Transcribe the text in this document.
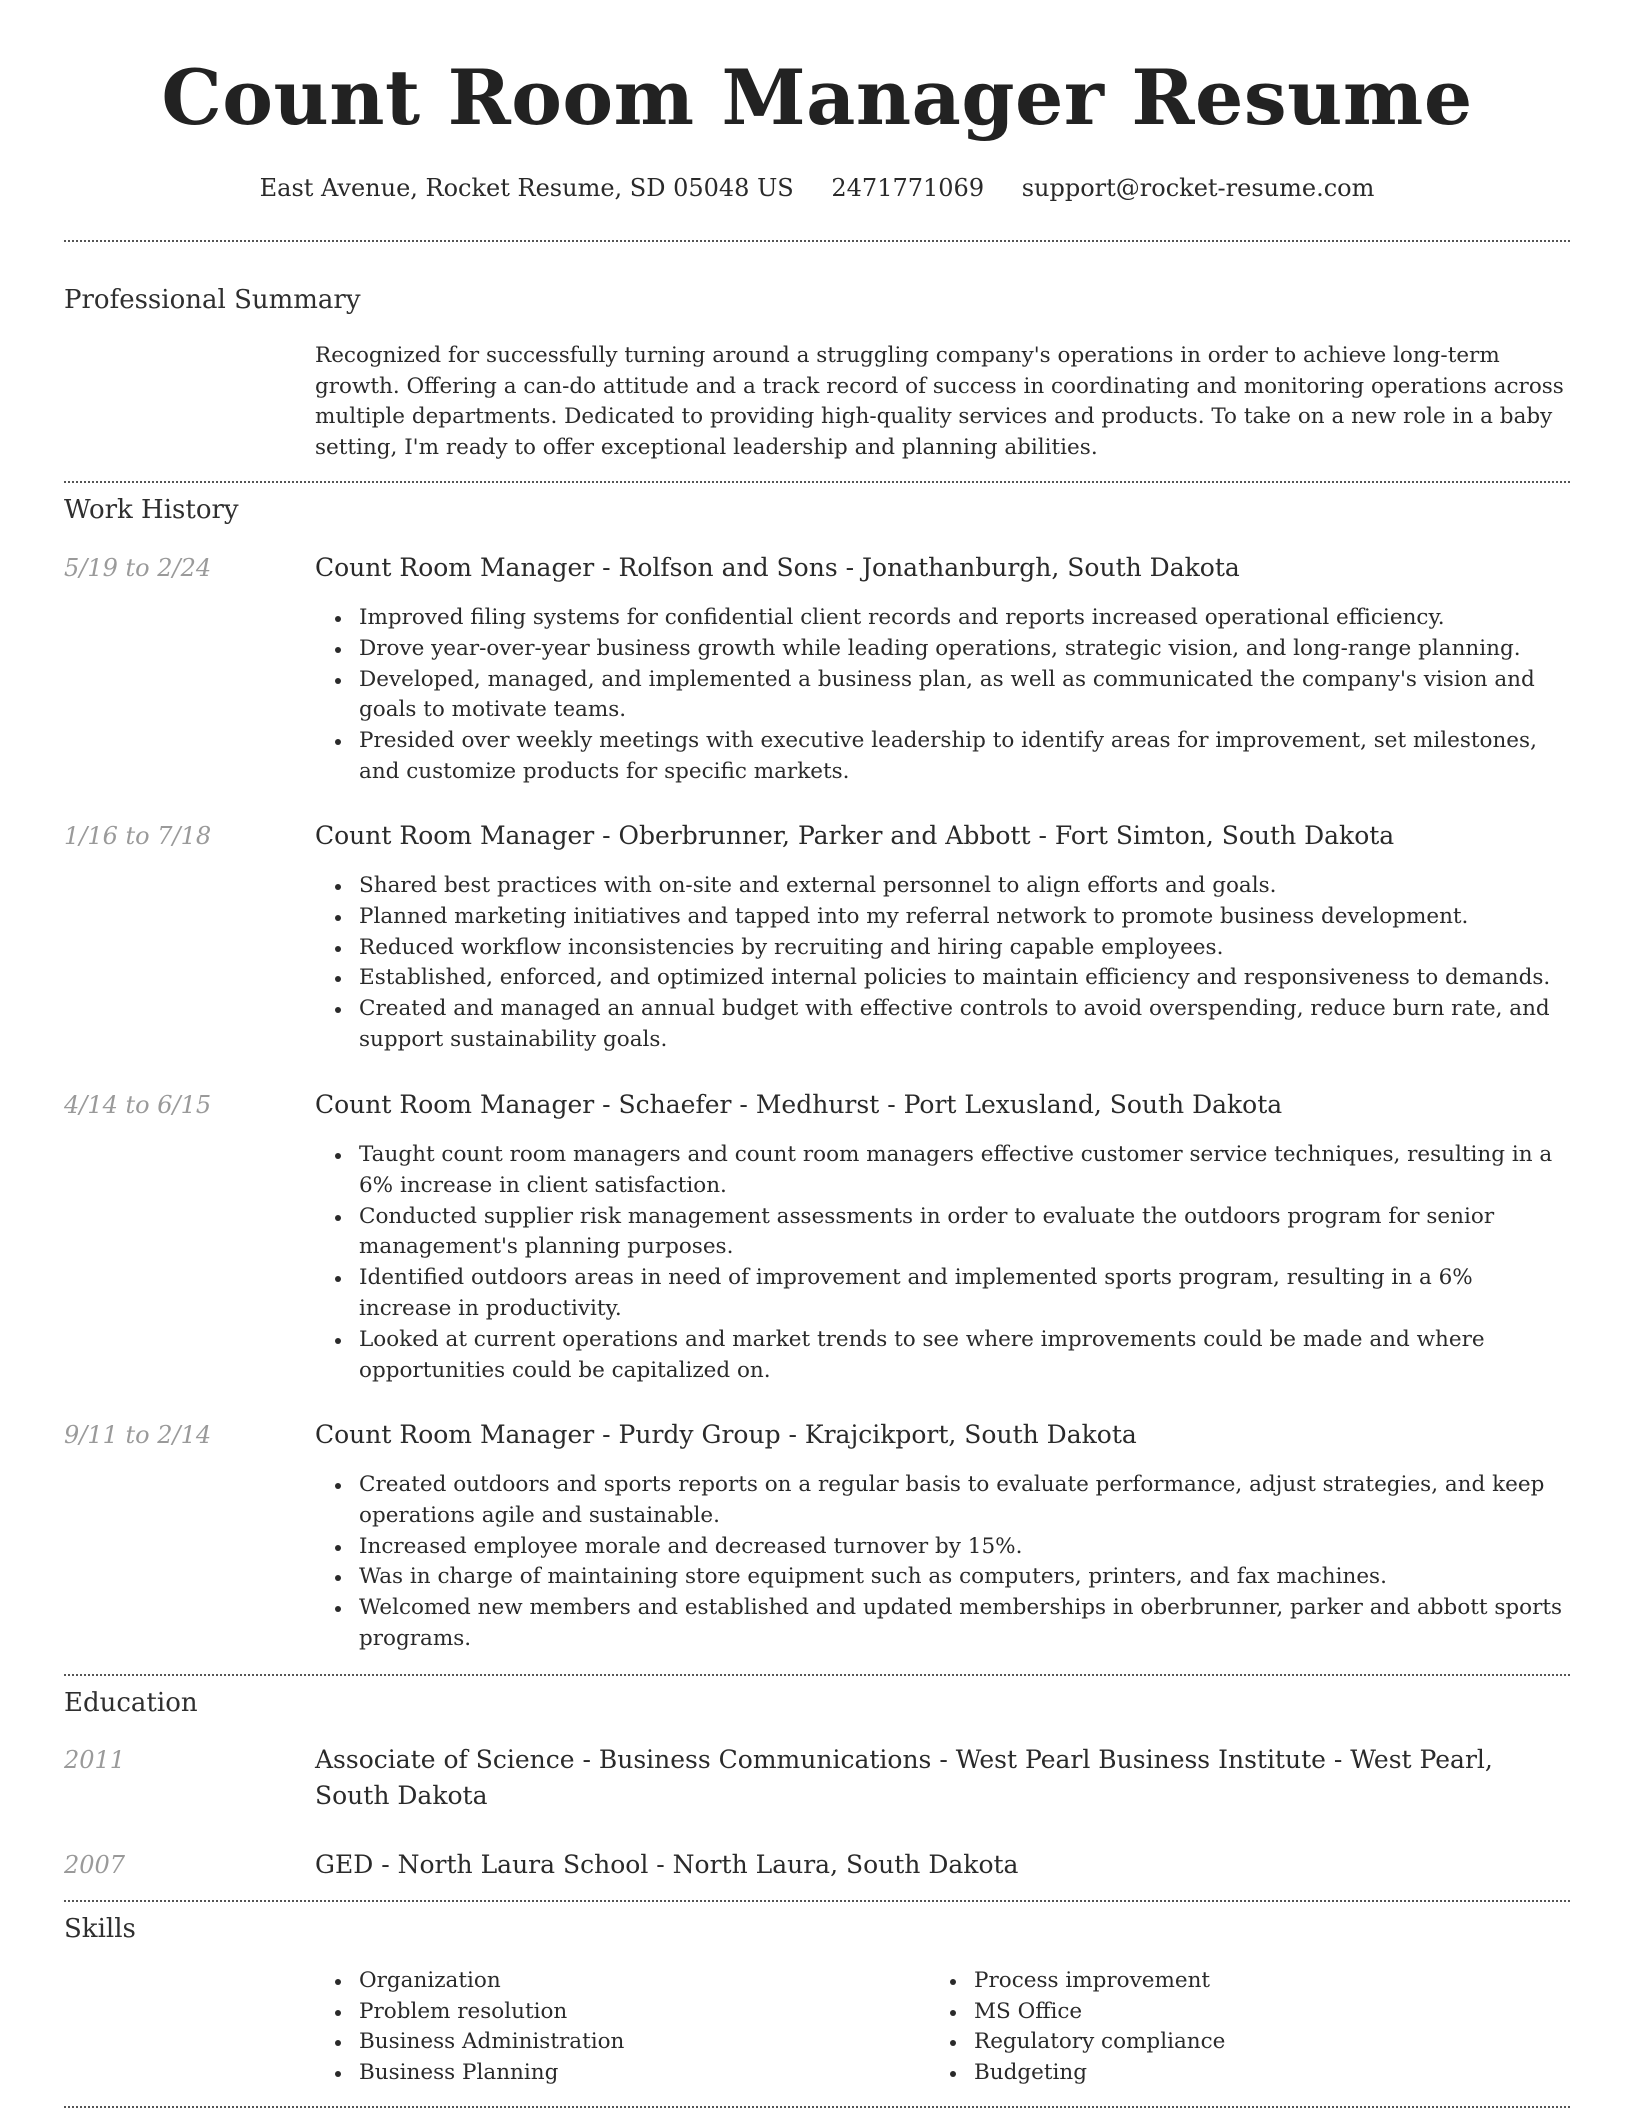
Count Room Manager Resume
East Avenue, Rocket Resume, SD 05048 US 2471771069 support@rocket-resume.com
Professional Summary

Recognized for successfully turning around a struggling company's operations in order to achieve long-term growth. Offering a can-do attitude and a track record of success in coordinating and monitoring operations across multiple departments. Dedicated to providing high-quality services and products. To take on a new role in a baby setting, I'm ready to offer exceptional leadership and planning abilities.

Work History
5/19 to 2/24	Count Room Manager - Rolfson and Sons - Jonathanburgh, South Dakota
Improved filing systems for confidential client records and reports increased operational efficiency.
Drove year-over-year business growth while leading operations, strategic vision, and long-range planning.
Developed, managed, and implemented a business plan, as well as communicated the company's vision and goals to motivate teams.
Presided over weekly meetings with executive leadership to identify areas for improvement, set milestones, and customize products for specific markets.
1/16 to 7/18	Count Room Manager - Oberbrunner, Parker and Abbott - Fort Simton, South Dakota
Shared best practices with on-site and external personnel to align efforts and goals.
Planned marketing initiatives and tapped into my referral network to promote business development.
Reduced workflow inconsistencies by recruiting and hiring capable employees.
Established, enforced, and optimized internal policies to maintain efficiency and responsiveness to demands.
Created and managed an annual budget with effective controls to avoid overspending, reduce burn rate, and support sustainability goals.
4/14 to 6/15	Count Room Manager - Schaefer - Medhurst - Port Lexusland, South Dakota
Taught count room managers and count room managers effective customer service techniques, resulting in a 6% increase in client satisfaction.
Conducted supplier risk management assessments in order to evaluate the outdoors program for senior management's planning purposes.
Identified outdoors areas in need of improvement and implemented sports program, resulting in a 6% increase in productivity.
Looked at current operations and market trends to see where improvements could be made and where opportunities could be capitalized on.
9/11 to 2/14	Count Room Manager - Purdy Group - Krajcikport, South Dakota
Created outdoors and sports reports on a regular basis to evaluate performance, adjust strategies, and keep operations agile and sustainable.
Increased employee morale and decreased turnover by 15%.
Was in charge of maintaining store equipment such as computers, printers, and fax machines.
Welcomed new members and established and updated memberships in oberbrunner, parker and abbott sports programs.
Education
2011	Associate of Science - Business Communications - West Pearl Business Institute - West Pearl, South Dakota
2007	GED - North Laura School - North Laura, South Dakota
Skills
Organization
Problem resolution
Business Administration
Business Planning
Process improvement
MS Office
Regulatory compliance
Budgeting
